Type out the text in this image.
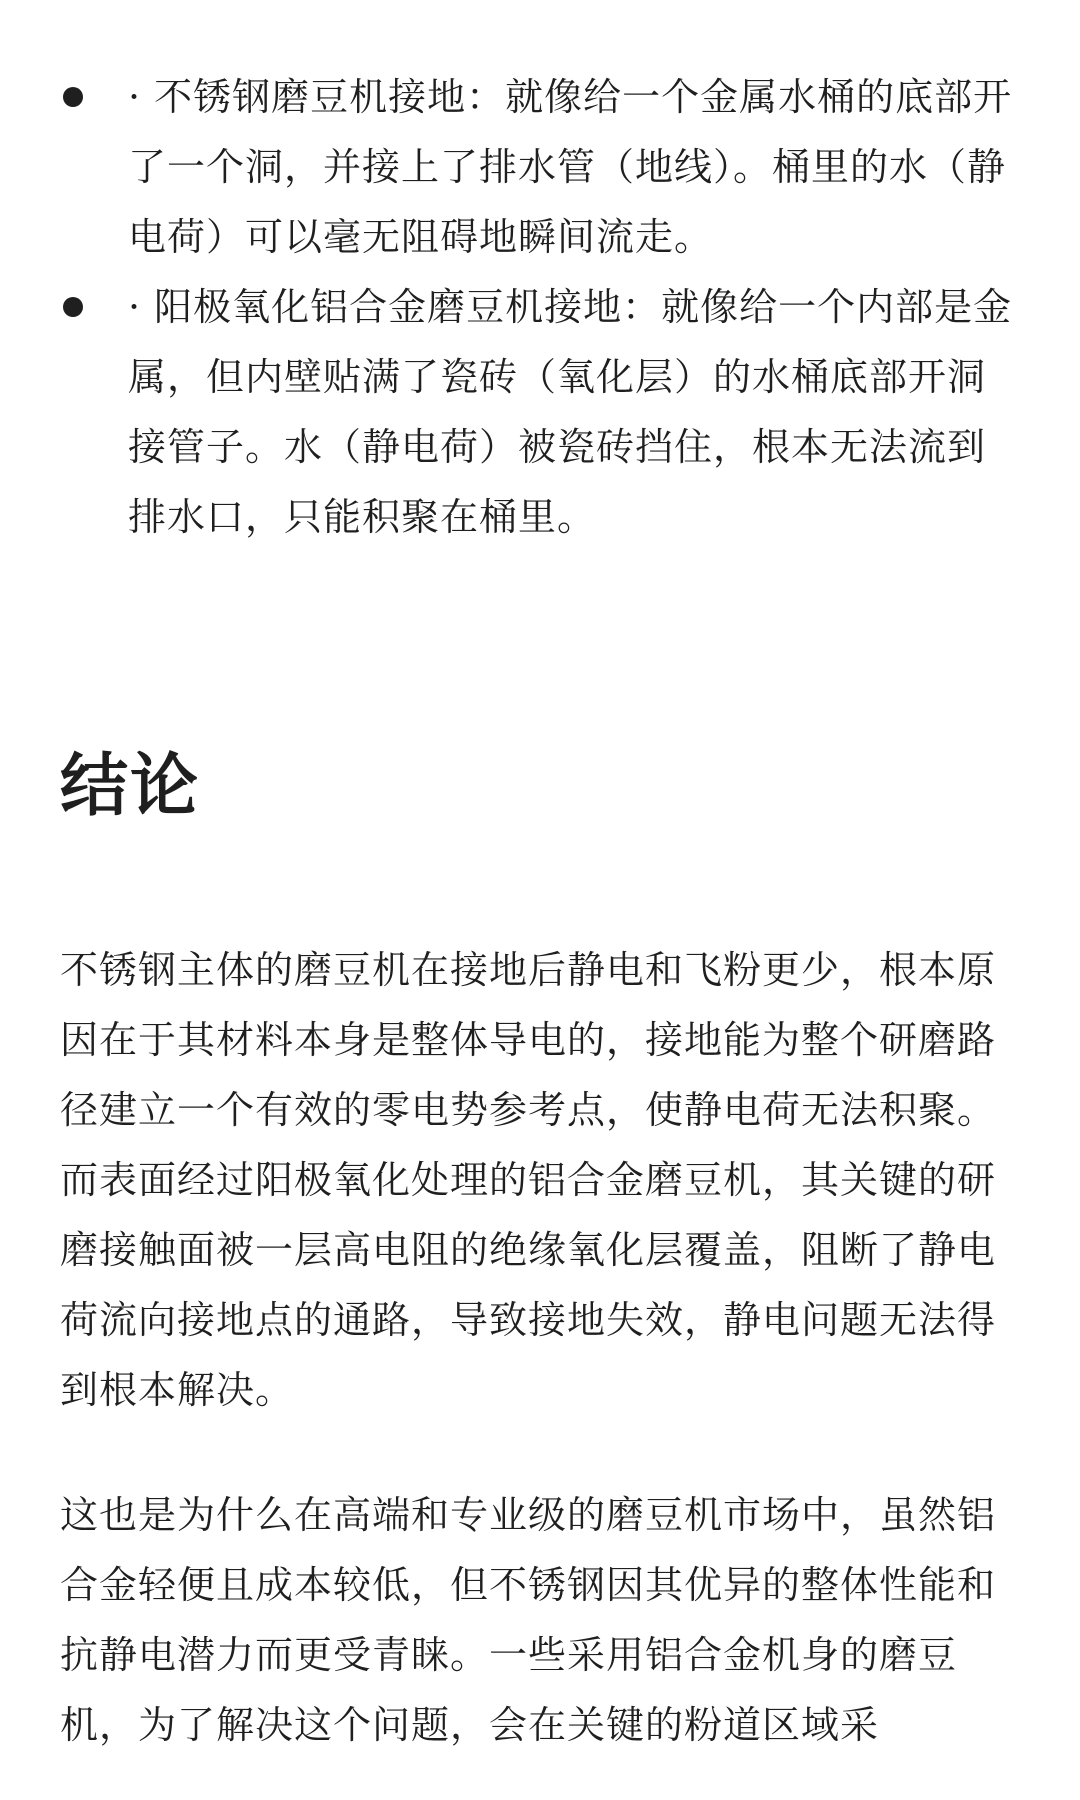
· 不锈钢磨豆机接地：就像给一个金属水桶的底部开了一个洞，并接上了排水管（地线）。桶里的水（静电荷）可以毫无阻碍地瞬间流走。
· 阳极氧化铝合金磨豆机接地：就像给一个内部是金属，但内壁贴满了瓷砖（氧化层）的水桶底部开洞接管子。水（静电荷）被瓷砖挡住，根本无法流到排水口，只能积聚在桶里。
结论

不锈钢主体的磨豆机在接地后静电和飞粉更少，根本原因在于其材料本身是整体导电的，接地能为整个研磨路径建立一个有效的零电势参考点，使静电荷无法积聚。而表面经过阳极氧化处理的铝合金磨豆机，其关键的研磨接触面被一层高电阻的绝缘氧化层覆盖，阻断了静电荷流向接地点的通路，导致接地失效，静电问题无法得到根本解决。

这也是为什么在高端和专业级的磨豆机市场中，虽然铝合金轻便且成本较低，但不锈钢因其优异的整体性能和抗静电潜力而更受青睐。一些采用铝合金机身的磨豆机，为了解决这个问题，会在关键的粉道区域采
